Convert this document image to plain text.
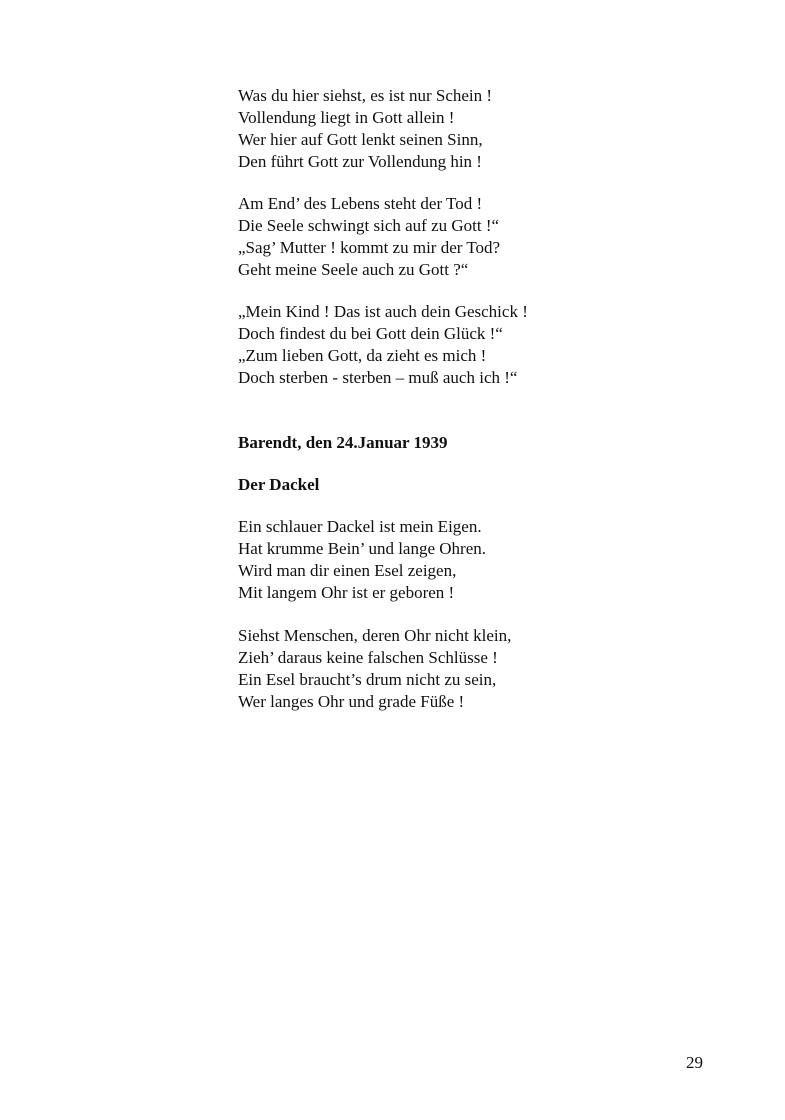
Was du hier siehst, es ist nur Schein !
Vollendung liegt in Gott allein !
Wer hier auf Gott lenkt seinen Sinn,
Den führt Gott zur Vollendung hin !
Am End’ des Lebens steht der Tod !
Die Seele schwingt sich auf zu Gott !“
„Sag’ Mutter ! kommt zu mir der Tod?
Geht meine Seele auch zu Gott ?“
„Mein Kind ! Das ist auch dein Geschick !
Doch findest du bei Gott dein Glück !“
„Zum lieben Gott, da zieht es mich !
Doch sterben - sterben – muß auch ich !“
Barendt, den 24.Januar 1939
Der Dackel
Ein schlauer Dackel ist mein Eigen.
Hat krumme Bein’ und lange Ohren.
Wird man dir einen Esel zeigen,
Mit langem Ohr ist er geboren !
Siehst Menschen, deren Ohr nicht klein,
Zieh’ daraus keine falschen Schlüsse !
Ein Esel braucht’s drum nicht zu sein,
Wer langes Ohr und grade Füße !
29
